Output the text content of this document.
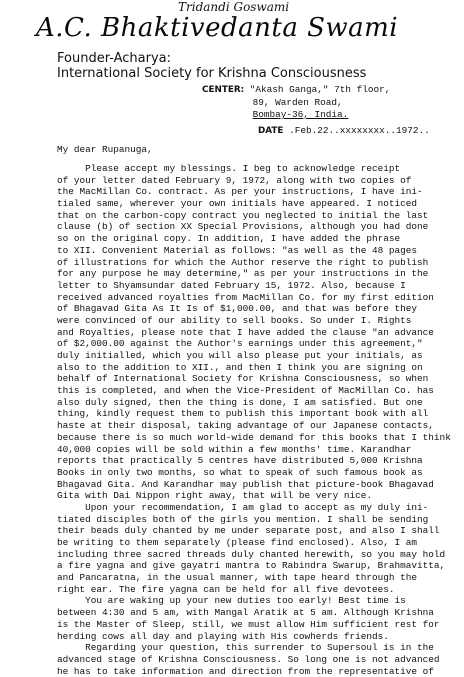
Tridandi Goswami
A.C. Bhaktivedanta Swami
Founder-Acharya:
International Society for Krishna Consciousness
CENTER: "Akash Ganga," 7th floor,
89, Warden Road,
Bombay-36, India.
DATE .Feb.22..xxxxxxxx..1972..
My dear Rupanuga,
Please accept my blessings. I beg to acknowledge receipt
of your letter dated February 9, 1972, along with two copies of
the MacMillan Co. contract. As per your instructions, I have ini-
tialed same, wherever your own initials have appeared. I noticed
that on the carbon-copy contract you neglected to initial the last
clause (b) of section XX Special Provisions, although you had done
so on the original copy. In addition, I have added the phrase
to XII. Convenient Material as follows: "as well as the 48 pages
of illustrations for which the Author reserve the right to publish
for any purpose he may determine," as per your instructions in the
letter to Shyamsundar dated February 15, 1972. Also, because I
received advanced royalties from MacMillan Co. for my first edition
of Bhagavad Gita As It Is of $1,000.00, and that was before they
were convinced of our ability to sell books. So under I. Rights
and Royalties, please note that I have added the clause "an advance
of $2,000.00 against the Author's earnings under this agreement,"
duly initialled, which you will also please put your initials, as
also to the addition to XII., and then I think you are signing on
behalf of International Society for Krishna Consciousness, so when
this is completed, and when the Vice-President of MacMillan Co. has
also duly signed, then the thing is done, I am satisfied. But one
thing, kindly request them to publish this important book with all
haste at their disposal, taking advantage of our Japanese contacts,
because there is so much world-wide demand for this books that I think
40,000 copies will be sold within a few months' time. Karandhar
reports that practically 5 centres have distributed 5,000 Krishna
Books in only two months, so what to speak of such famous book as
Bhagavad Gita. And Karandhar may publish that picture-book Bhagavad
Gita with Dai Nippon right away, that will be very nice.
Upon your recommendation, I am glad to accept as my duly ini-
tiated disciples both of the girls you mention. I shall be sending
their beads duly chanted by me under separate post, and also I shall
be writing to them separately (please find enclosed). Also, I am
including three sacred threads duly chanted herewith, so you may hold
a fire yagna and give gayatri mantra to Rabindra Swarup, Brahmavitta,
and Pancaratna, in the usual manner, with tape heard through the
right ear. The fire yagna can be held for all five devotees.
You are waking up your new duties too early! Best time is
between 4:30 and 5 am, with Mangal Aratik at 5 am. Although Krishna
is the Master of Sleep, still, we must allow Him sufficient rest for
herding cows all day and playing with His cowherds friends.
Regarding your question, this surrender to Supersoul is in the
advanced stage of Krishna Consciousness. So long one is not advanced
he has to take information and direction from the representative of
